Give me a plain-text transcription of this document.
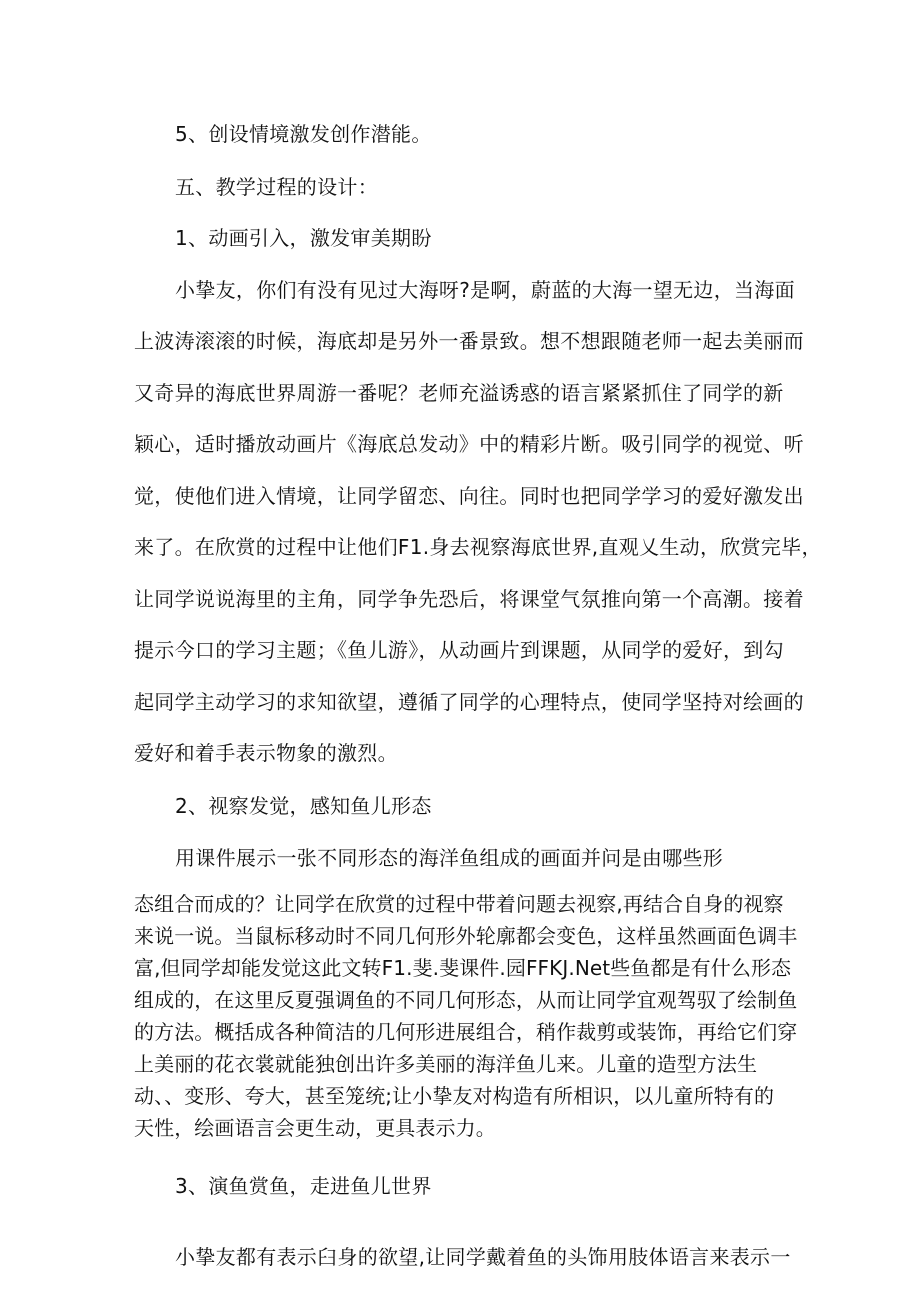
5、创设情境激发创作潜能。
五、教学过程的设计：
1、动画引入，激发审美期盼
小挚友，你们有没有见过大海呀?是啊，蔚蓝的大海一望无边，当海面
上波涛滚滚的时候，海底却是另外一番景致。想不想跟随老师一起去美丽而
又奇异的海底世界周游一番呢？老师充溢诱惑的语言紧紧抓住了同学的新
颖心，适时播放动画片《海底总发动》中的精彩片断。吸引同学的视觉、听
觉，使他们进入情境，让同学留恋、向往。同时也把同学学习的爱好激发出
来了。在欣赏的过程中让他们F1.身去视察海底世界,直观乂生动，欣赏完毕，
让同学说说海里的主角，同学争先恐后，将课堂气氛推向第一个高潮。接着
提示今口的学习主题；《鱼儿游》，从动画片到课题，从同学的爱好，到勾
起同学主动学习的求知欲望，遵循了同学的心理特点，使同学坚持对绘画的
爱好和着手表示物象的激烈。
2、视察发觉，感知鱼儿形态
用课件展示一张不同形态的海洋鱼组成的画面并问是由哪些形

态组合而成的？让同学在欣赏的过程中带着问题去视察,再结合自身的视察

来说一说。当鼠标移动时不同几何形外轮廓都会变色，这样虽然画面色调丰

富,但同学却能发觉这此文转F1.斐.斐课件.园FFKJ.Net些鱼都是有什么形态

组成的，在这里反夏强调鱼的不同几何形态，从而让同学宜观驾驭了绘制鱼

的方法。概括成各种简洁的几何形进展组合，稍作裁剪或装饰，再给它们穿

上美丽的花衣裳就能独创出许多美丽的海洋鱼儿来。儿童的造型方法生

动、、变形、夸大，甚至笼统;让小挚友对构造有所相识，以儿童所特有的

天性，绘画语言会更生动，更具表示力。

3、演鱼赏鱼，走进鱼儿世界
小挚友都有表示臼身的欲望,让同学戴着鱼的头饰用肢体语言来表示一
